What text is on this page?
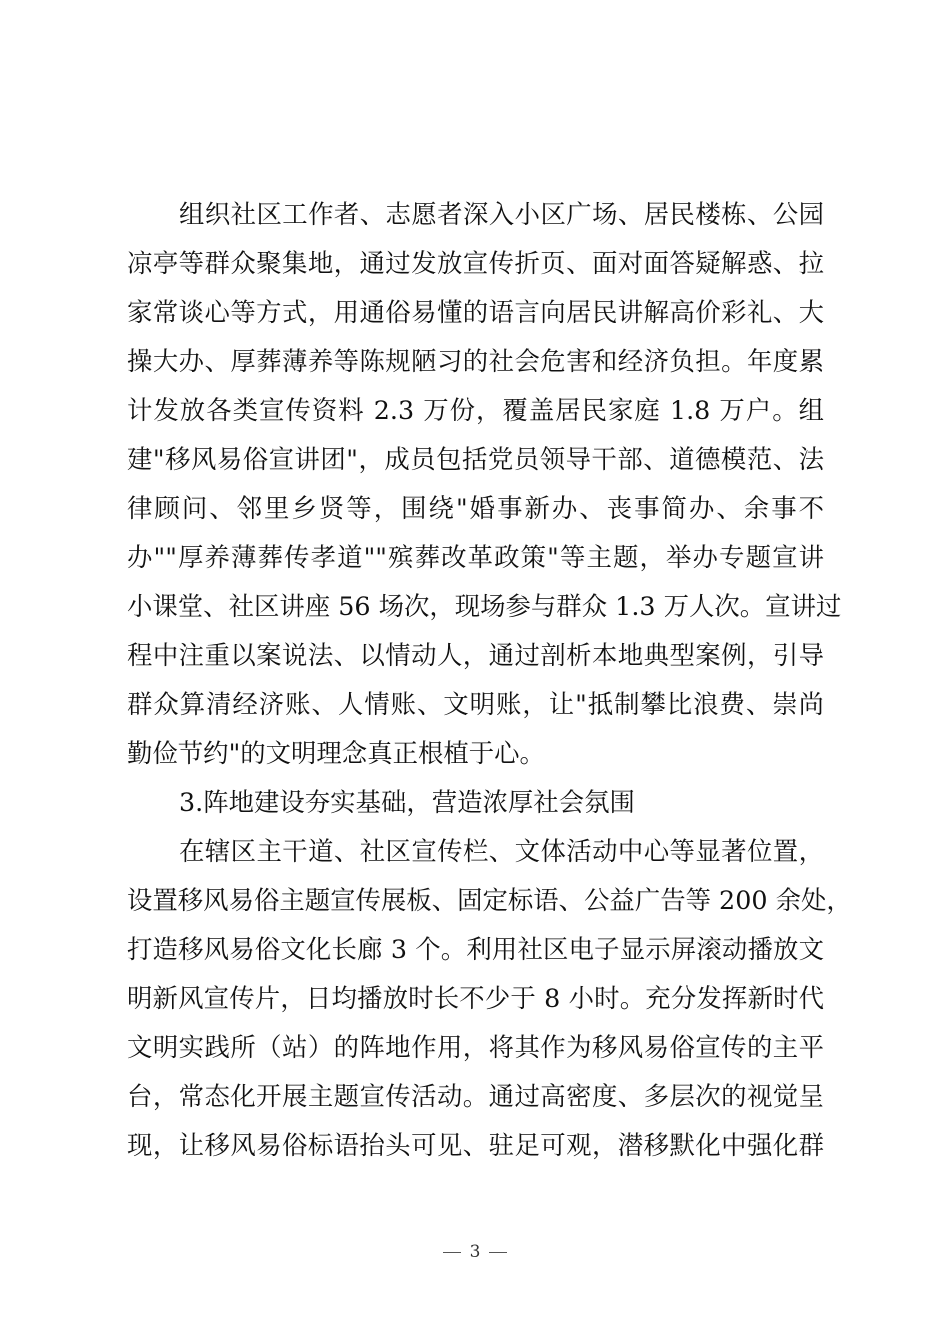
组织社区工作者、志愿者深入小区广场、居民楼栋、公园
凉亭等群众聚集地，通过发放宣传折页、面对面答疑解惑、拉
家常谈心等方式，用通俗易懂的语言向居民讲解高价彩礼、大
操大办、厚葬薄养等陈规陋习的社会危害和经济负担。年度累
计发放各类宣传资料 2.3 万份，覆盖居民家庭 1.8 万户。组
建"移风易俗宣讲团"，成员包括党员领导干部、道德模范、法
律顾问、邻里乡贤等，围绕"婚事新办、丧事简办、余事不
办""厚养薄葬传孝道""殡葬改革政策"等主题，举办专题宣讲
小课堂、社区讲座 56 场次，现场参与群众 1.3 万人次。宣讲过
程中注重以案说法、以情动人，通过剖析本地典型案例，引导
群众算清经济账、人情账、文明账，让"抵制攀比浪费、崇尚
勤俭节约"的文明理念真正根植于心。
3.阵地建设夯实基础，营造浓厚社会氛围
在辖区主干道、社区宣传栏、文体活动中心等显著位置，
设置移风易俗主题宣传展板、固定标语、公益广告等 200 余处，
打造移风易俗文化长廊 3 个。利用社区电子显示屏滚动播放文
明新风宣传片，日均播放时长不少于 8 小时。充分发挥新时代
文明实践所（站）的阵地作用，将其作为移风易俗宣传的主平
台，常态化开展主题宣传活动。通过高密度、多层次的视觉呈
现，让移风易俗标语抬头可见、驻足可观，潜移默化中强化群
3
